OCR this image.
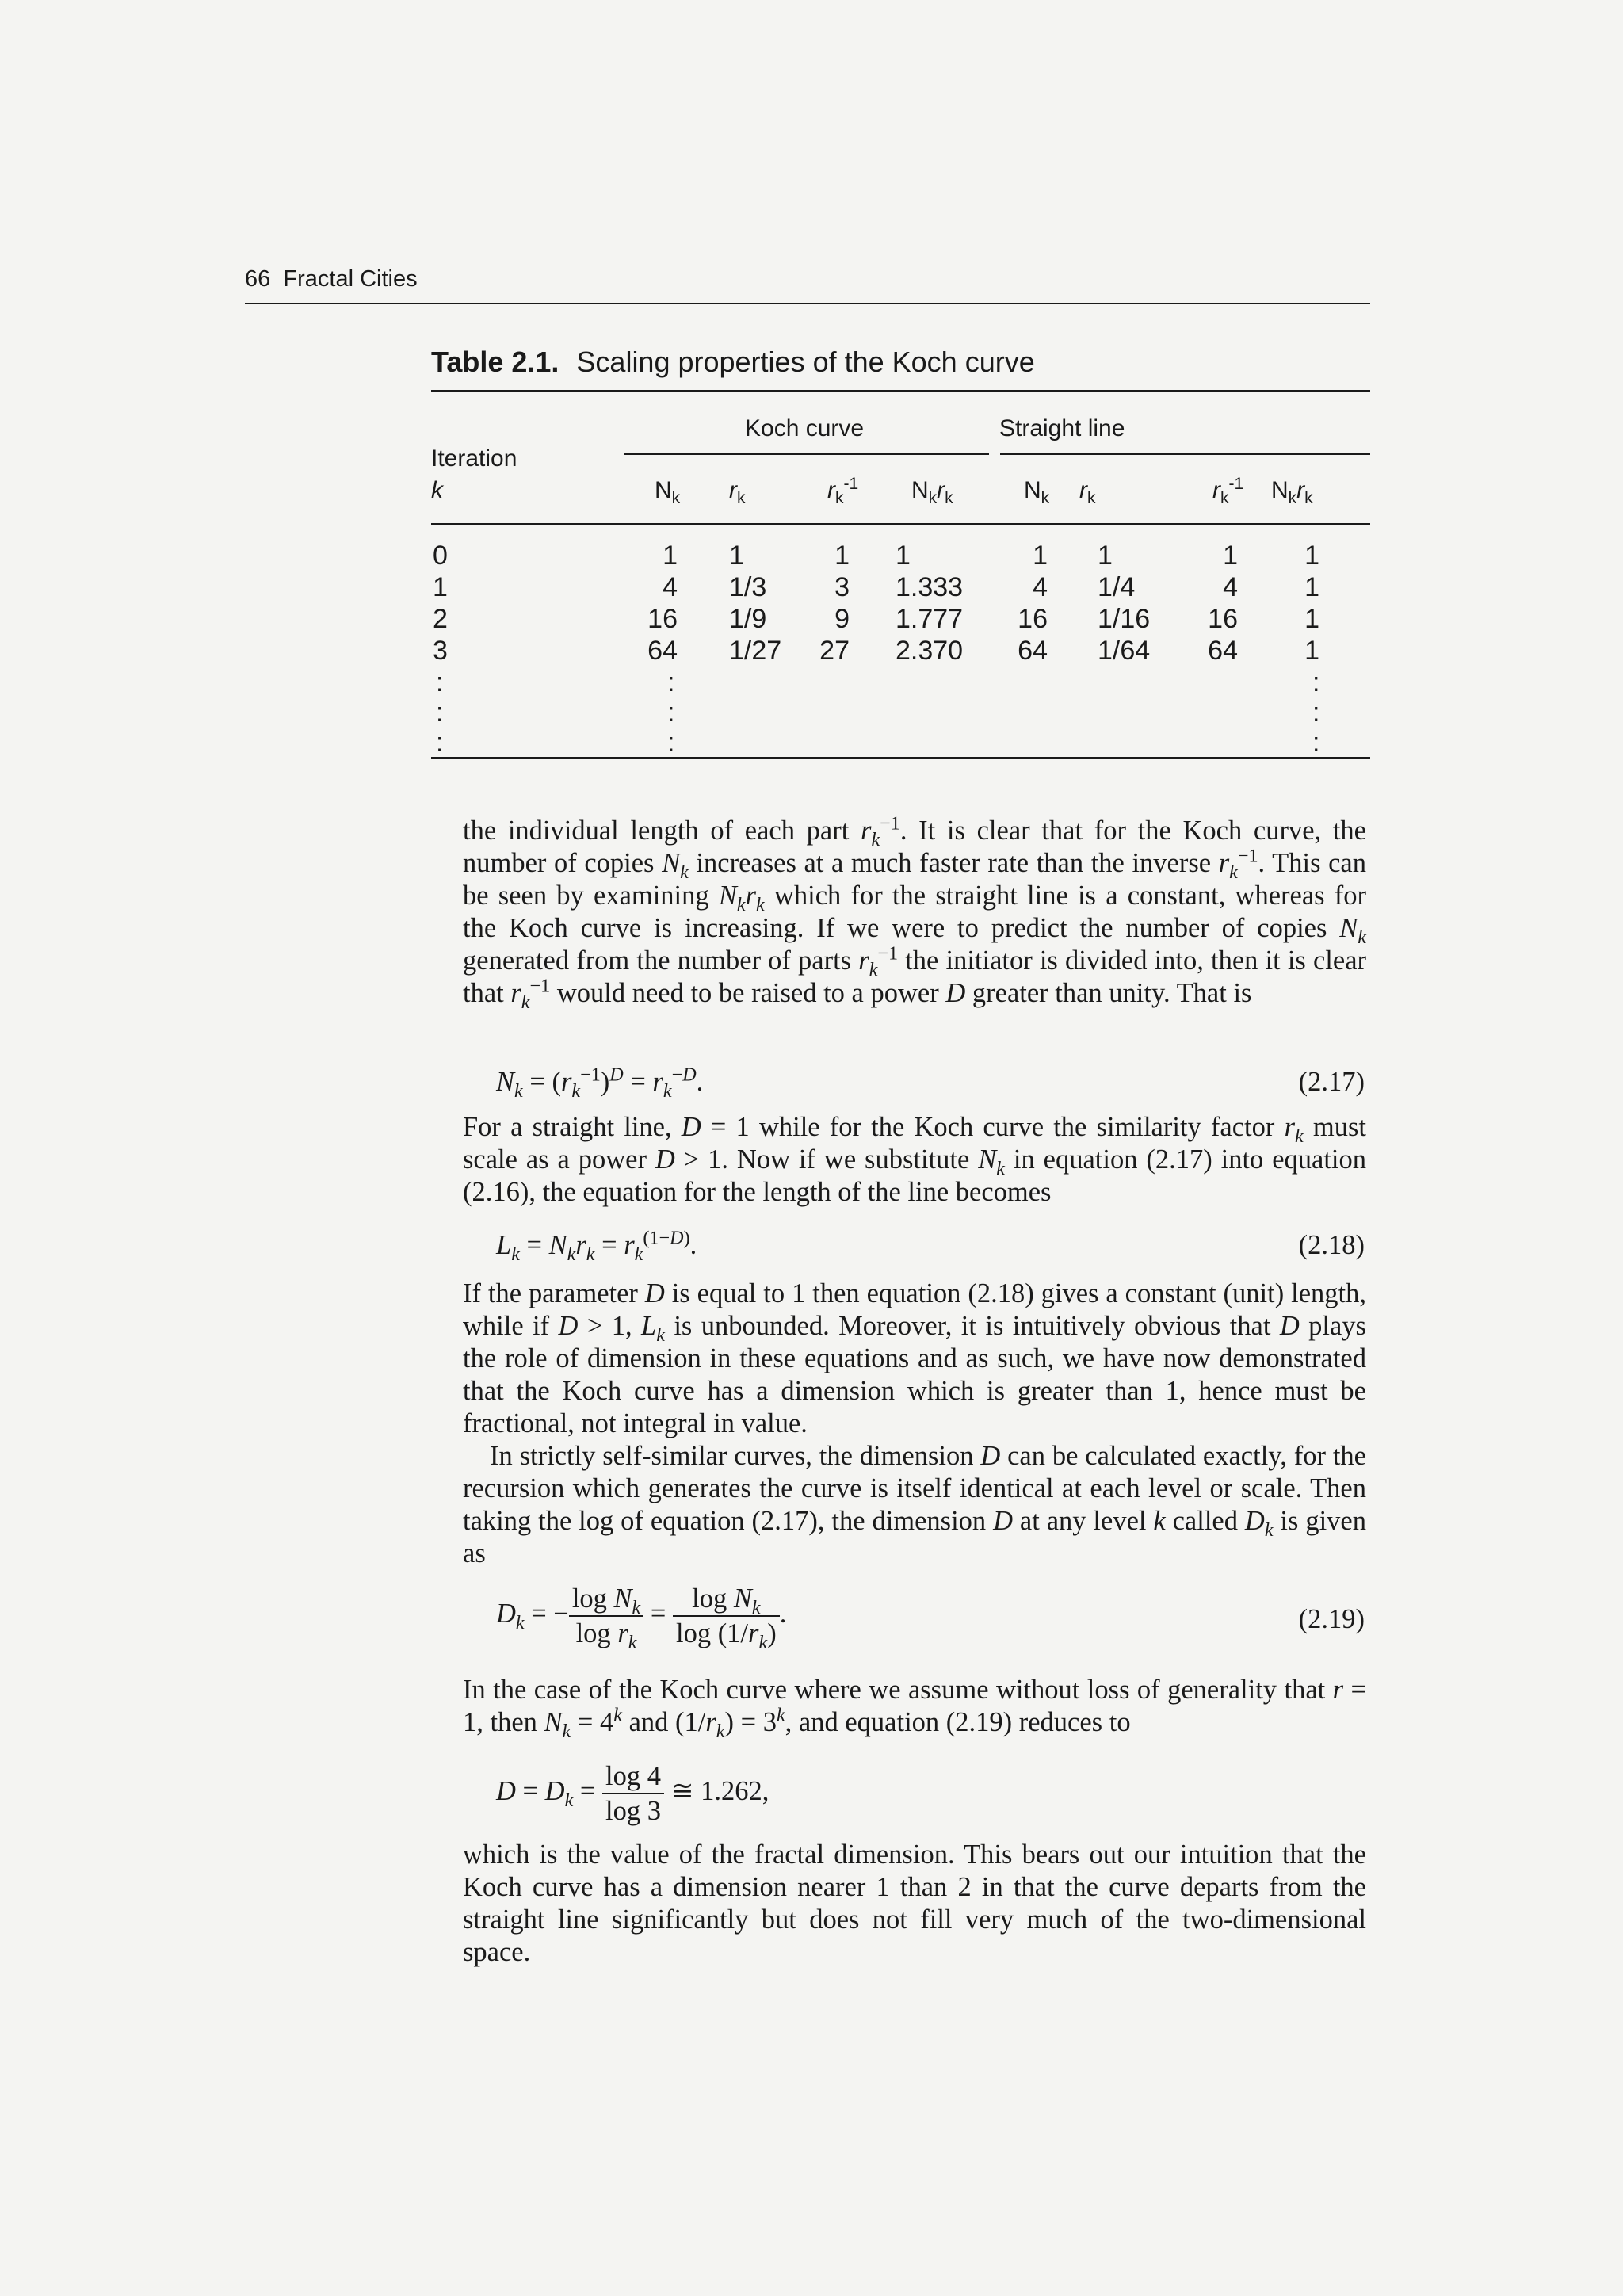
66 Fractal Cities
Table 2.1. Scaling properties of the Koch curve
Koch curve	Straight line
Iteration
k	$N_k$ $r_k$	$r_k^{-1}$ $N_kr_k$	$N_k$ $r_k$	$r_k^{-1}$ $N_kr_k$
0	1 1	1 1	1 1	1	1
1	4 1/3	3 1.333	4 1/4	4	1
2	16 1/9	9 1.777	16 1/16	16	1
3	64 1/27	27 2.370	64 1/64	64	1
:
:
:
:
:
:
:
:
:

the individual length of each part $r_k^{-1}$. It is clear that for the Koch curve, the number of copies $N_k$ increases at a much faster rate than the inverse $r_k^{-1}$. This can be seen by examining $N_kr_k$ which for the straight line is a constant, whereas for the Koch curve is increasing. If we were to predict the number of copies $N_k$ generated from the number of parts $r_k^{-1}$ the initiator is divided into, then it is clear that $r_k^{-1}$ would need to be raised to a power D greater than unity. That is

$N_k = (r_k^{-1})^D = r_k^{-D}$.	(2.17)

For a straight line, D = 1 while for the Koch curve the similarity factor $r_k$ must scale as a power D > 1. Now if we substitute $N_k$ in equation (2.17) into equation (2.16), the equation for the length of the line becomes

$L_k = N_kr_k = r_k^{(1-D)}$.	(2.18)

If the parameter D is equal to 1 then equation (2.18) gives a constant (unit) length, while if D > 1, $L_k$ is unbounded. Moreover, it is intuitively obvious that D plays the role of dimension in these equations and as such, we have now demonstrated that the Koch curve has a dimension which is greater than 1, hence must be fractional, not integral in value.

In strictly self-similar curves, the dimension D can be calculated exactly, for the recursion which generates the curve is itself identical at each level or scale. Then taking the log of equation (2.17), the dimension D at any level k called $D_k$ is given as

$D_k$ = − $\frac{\log N_k}{\log r_k} = \frac{\log N_k}{\log (1/r_k)}$ .	(2.19)

In the case of the Koch curve where we assume without loss of generality that r = 1, then $N_k = 4^k$ and $(1/r_k) = 3^k$, and equation (2.19) reduces to

$D = D_k = \frac{\log 4}{\log 3}$ ≅ 1.262,

which is the value of the fractal dimension. This bears out our intuition that the Koch curve has a dimension nearer 1 than 2 in that the curve departs from the straight line significantly but does not fill very much of the two-dimensional space.
